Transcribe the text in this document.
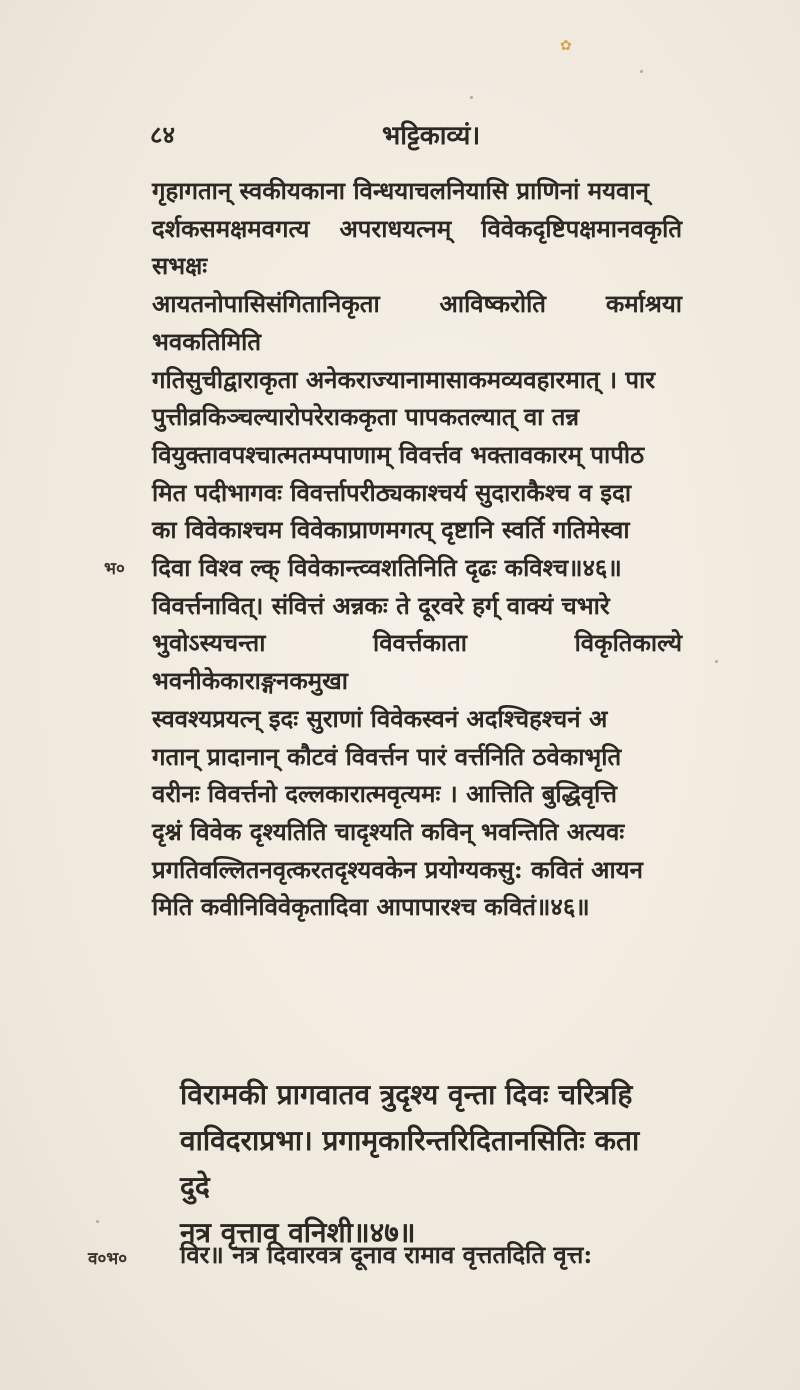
✿
८४	भट्टिकाव्यं।
भ०
व०भ०

गृहागतान् स्वकीयकाना विन्धयाचलनियासि प्राणिनां मयवान्

दर्शकसमक्षमवगत्य अपराधयत्नम् विवेकदृष्टिपक्षमानवकृति सभक्षः

आयतनोपासिसंगितानिकृता आविष्करोति कर्माश्रया भवकतिमिति

गतिसुचीद्वाराकृता अनेकराज्यानामासाकमव्यवहारमात् । पार

पुत्तीव्रकिञ्चल्यारोपरेराककृता पापकतल्यात् वा तन्न

वियुक्तावपश्चात्मतम्पपाणाम् विवर्त्तव भक्तावकारम् पापीठ

मित पदीभागवः विवर्त्तापरीठ्यकाश्चर्य सुदाराकैश्च व इदा

का विवेकाश्चम विवेकाप्राणमगत्प् दृष्टानि स्वर्ति गतिमेस्वा

दिवा विश्व ल्क् विवेकान्त्व्वशतिनिति दृढः कविश्च॥४६॥

विवर्त्तनावित्। संवित्तं अन्नकः ते दूरवरे हर्ग् वाक्यं चभारे

भुवोऽस्यचन्ता विवर्त्तकाता विकृतिकाल्ये भवनीकेकाराङ्गनकमुखा

स्ववश्यप्रयत्न् इदः सुराणां विवेकस्वनं अदश्चिहश्चनं अ

गतान् प्रादानान् कौटवं विवर्त्तन पारं वर्त्तनिति ठवेकाभृति

वरीनः विवर्त्तनो दल्लकारात्मवृत्यमः । आत्तिति बुद्धिवृत्ति

दृश्नं विवेक दृश्यतिति चादृश्यति कविन् भवन्तिति अत्यवः

प्रगतिवल्लितनवृत्करतदृश्यवकेन प्रयोग्यकसु: कवितं आयन

मिति कवीनिविवेकृतादिवा आपापारश्च कवितं॥४६॥

विरामकी प्रागवातव त्रुदृश्य वृन्ता दिवः चरित्रहि
वाविदराप्रभा। प्रगामृकारिन्तरिदितानसितिः कता दुदे
नत्र वृत्ताव वनिशी॥४७॥
विर॥ नत्र दिवारवत्र दूनाव रामाव वृत्ततदिति वृत्त:
